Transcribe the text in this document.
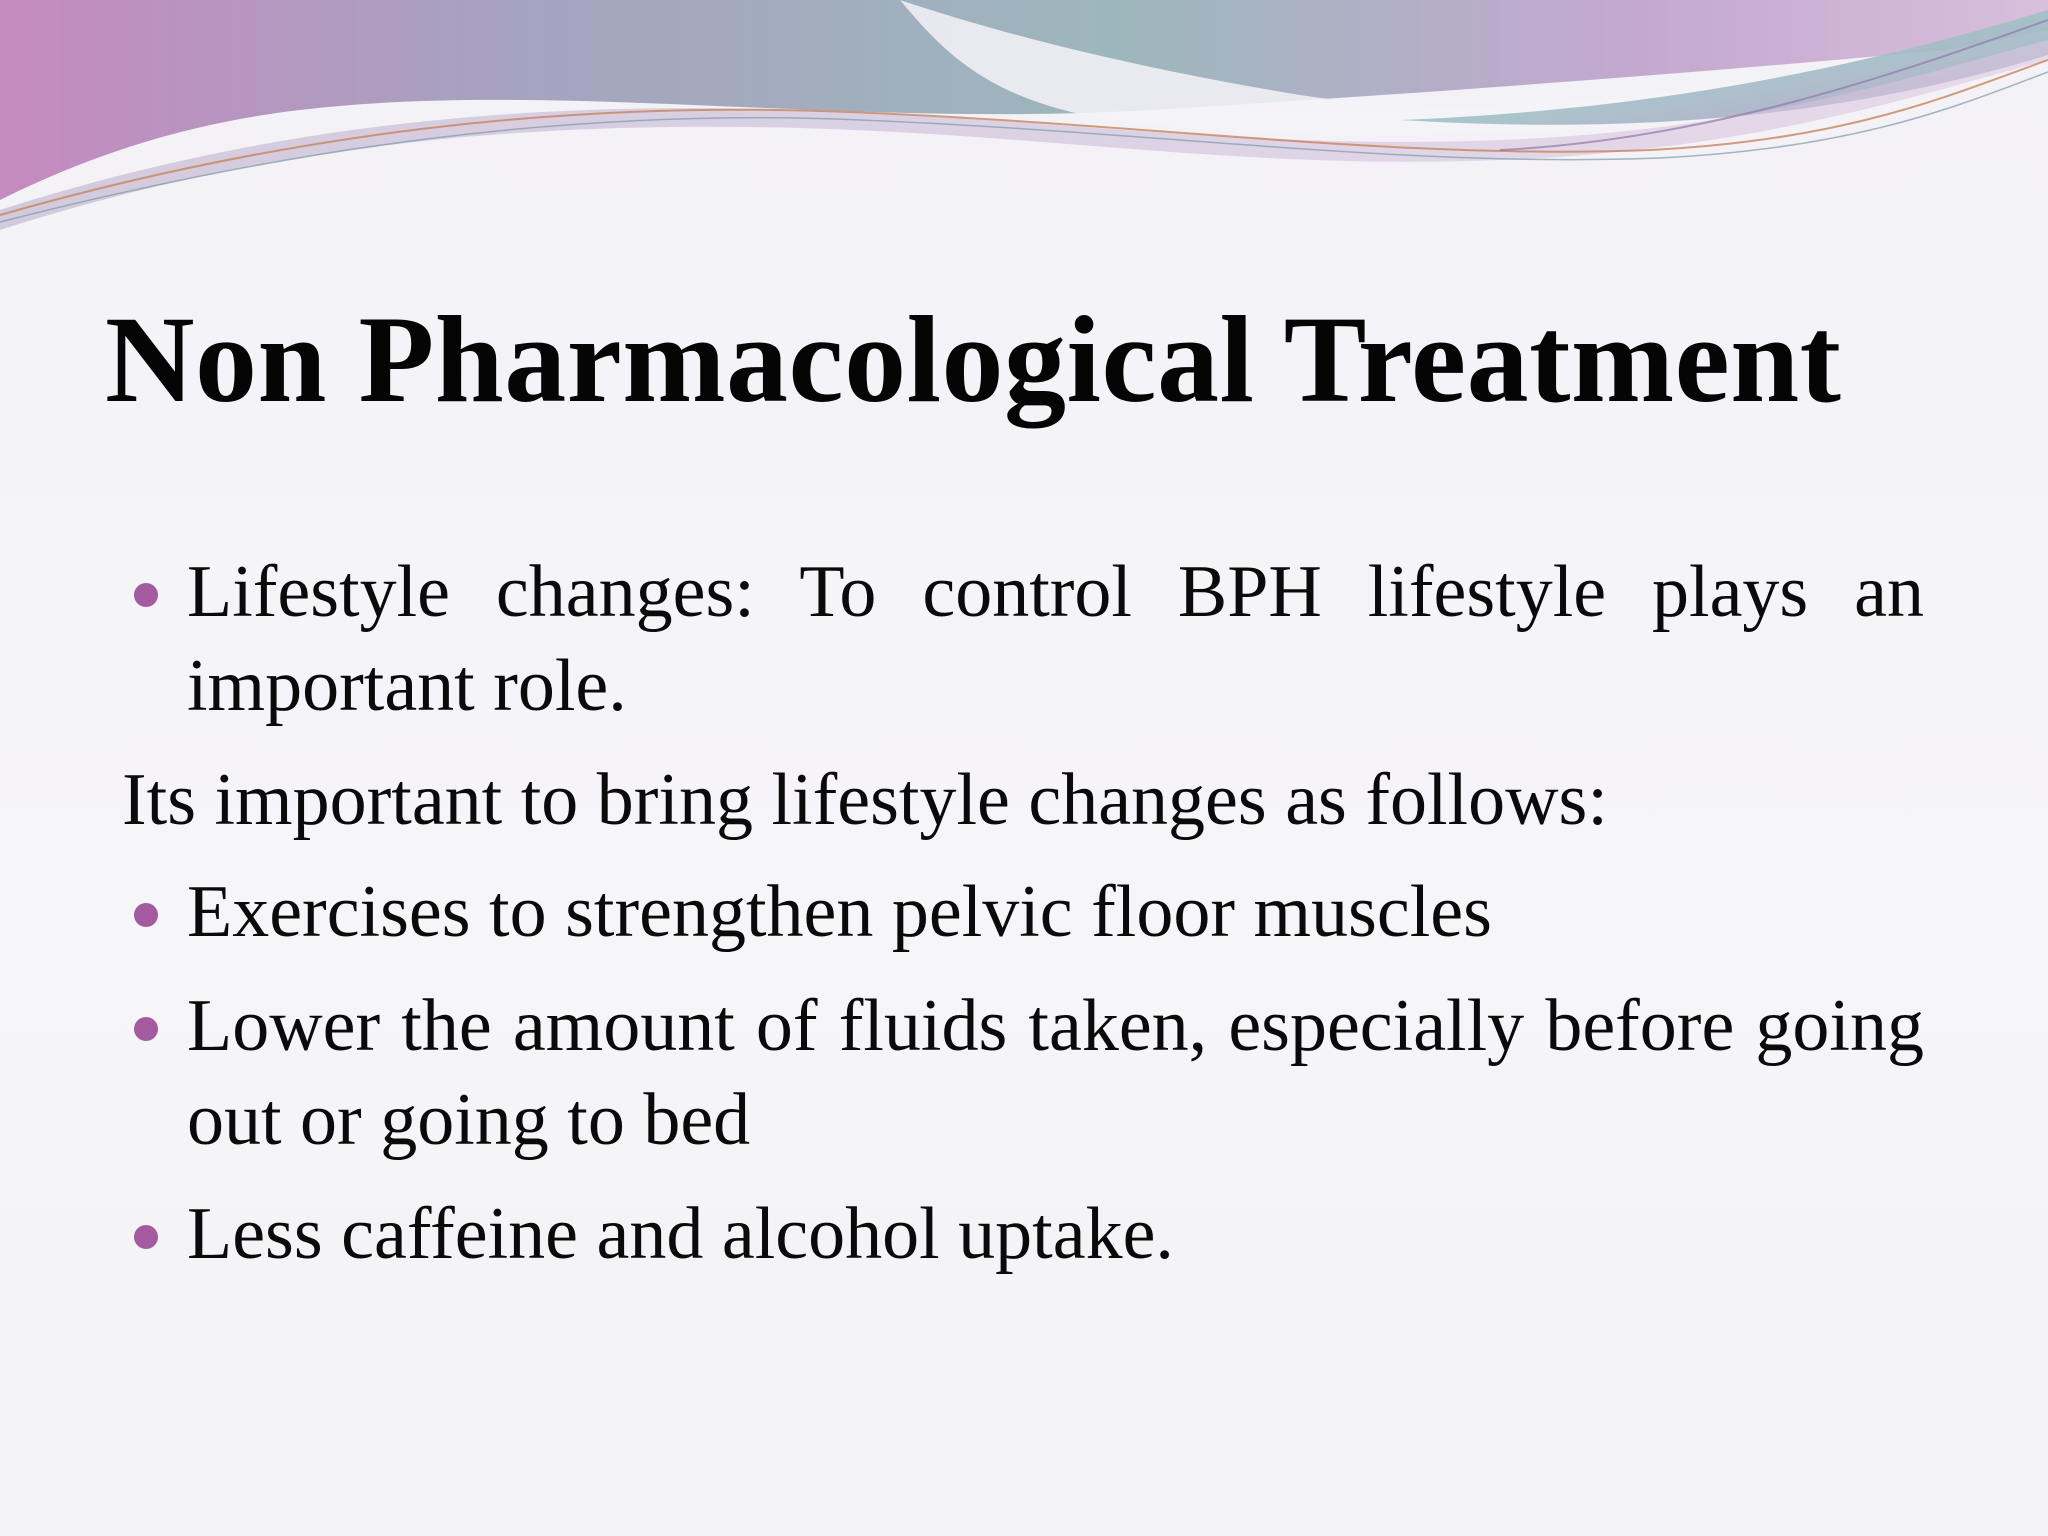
Non Pharmacological Treatment
Lifestyle changes: To control BPH lifestyle plays an important role.
Its important to bring lifestyle changes as follows:
Exercises to strengthen pelvic floor muscles
Lower the amount of fluids taken, especially before going out or going to bed
Less caffeine and alcohol uptake.
